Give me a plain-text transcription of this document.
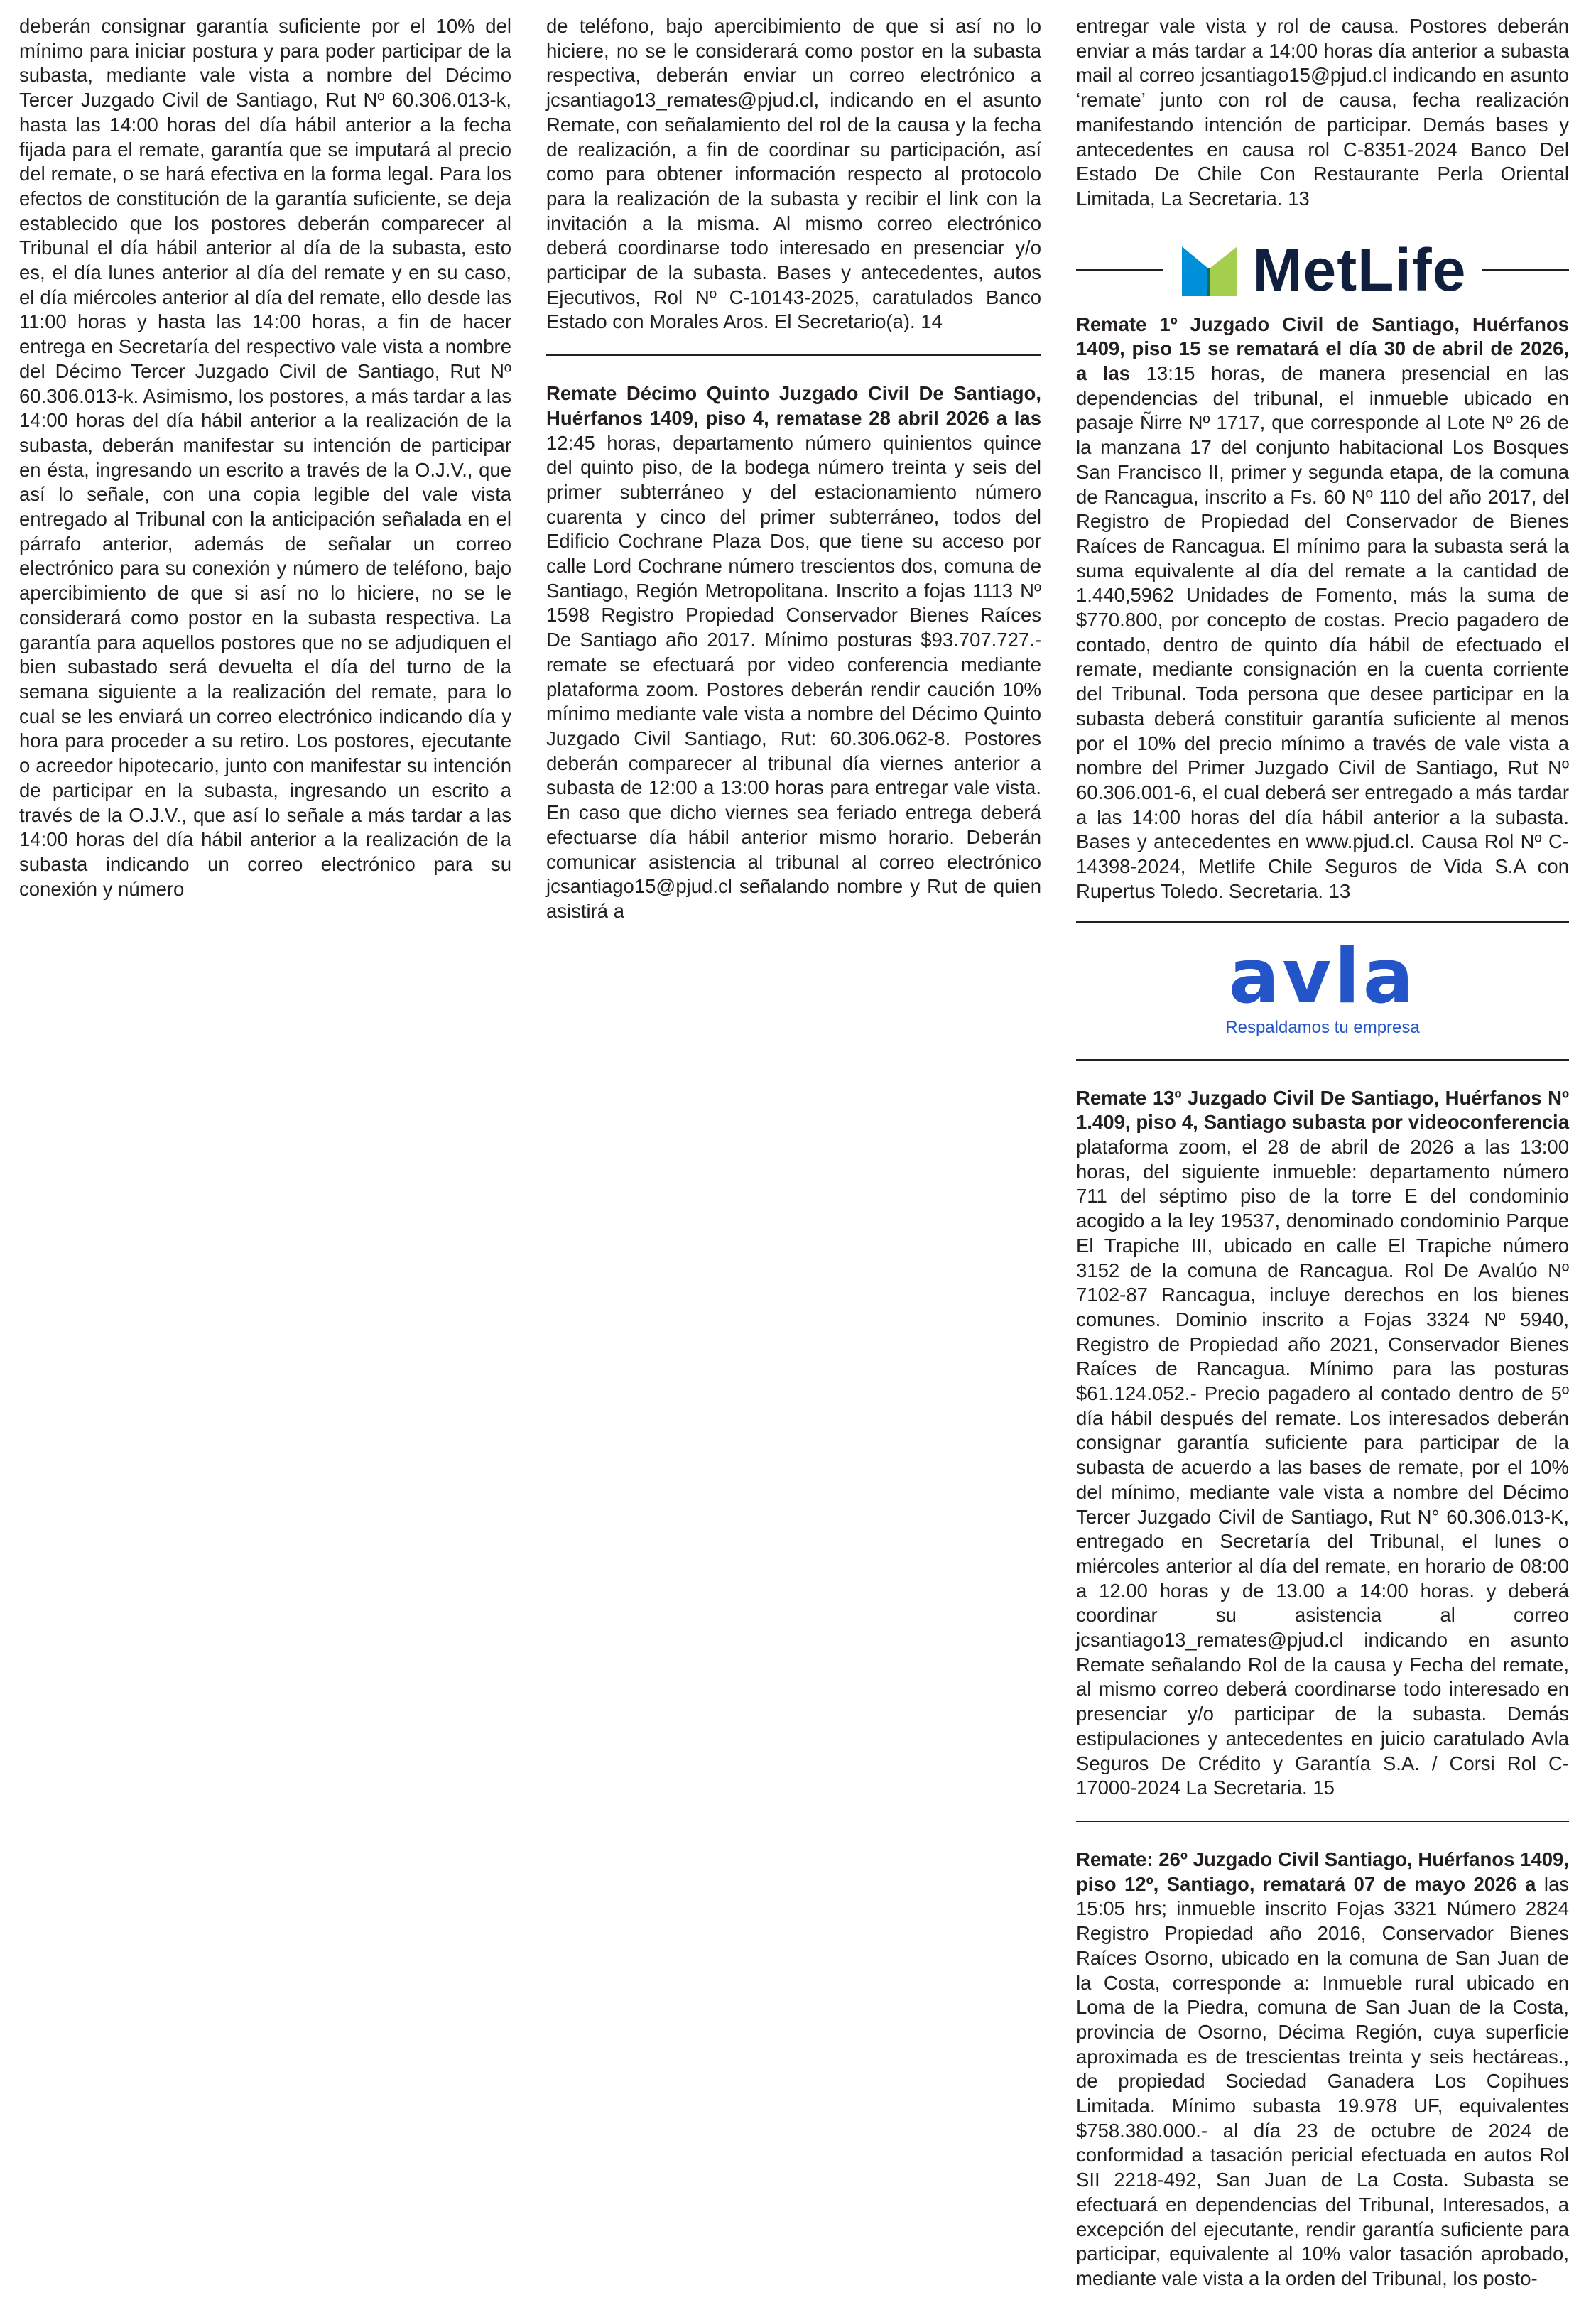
deberán consignar garantía suficiente por el 10% del mínimo para iniciar postura y para poder participar de la subasta, mediante vale vista a nombre del Décimo Tercer Juzgado Civil de Santiago, Rut Nº 60.306.013-k, hasta las 14:00 horas del día hábil anterior a la fecha fijada para el remate, garantía que se imputará al precio del remate, o se hará efectiva en la forma legal. Para los efectos de constitución de la garantía suficiente, se deja establecido que los postores deberán comparecer al Tribunal el día hábil anterior al día de la subasta, esto es, el día lunes anterior al día del remate y en su caso, el día miércoles anterior al día del remate, ello desde las 11:00 horas y hasta las 14:00 horas, a fin de hacer entrega en Secretaría del respectivo vale vista a nombre del Décimo Tercer Juzgado Civil de Santiago, Rut Nº 60.306.013-k. Asimismo, los postores, a más tardar a las 14:00 horas del día hábil anterior a la realización de la subasta, deberán manifestar su intención de participar en ésta, ingresando un escrito a través de la O.J.V., que así lo señale, con una copia legible del vale vista entregado al Tribunal con la anticipación señalada en el párrafo anterior, además de señalar un correo electrónico para su conexión y número de teléfono, bajo apercibimiento de que si así no lo hiciere, no se le considerará como postor en la subasta respectiva. La garantía para aquellos postores que no se adjudiquen el bien subastado será devuelta el día del turno de la semana siguiente a la realización del remate, para lo cual se les enviará un correo electrónico indicando día y hora para proceder a su retiro. Los postores, ejecutante o acreedor hipotecario, junto con manifestar su intención de participar en la subasta, ingresando un escrito a través de la O.J.V., que así lo señale a más tardar a las 14:00 horas del día hábil anterior a la realización de la subasta indicando un correo electrónico para su conexión y número

de teléfono, bajo apercibimiento de que si así no lo hiciere, no se le considerará como postor en la subasta respectiva, deberán enviar un correo electrónico a jcsantiago13_remates@pjud.cl, indicando en el asunto Remate, con señalamiento del rol de la causa y la fecha de realización, a fin de coordinar su participación, así como para obtener información respecto al protocolo para la realización de la subasta y recibir el link con la invitación a la misma. Al mismo correo electrónico deberá coordinarse todo interesado en presenciar y/o participar de la subasta. Bases y antecedentes, autos Ejecutivos, Rol Nº C-10143-2025, caratulados Banco Estado con Morales Aros. El Secretario(a). 14

Remate Décimo Quinto Juzgado Civil De Santiago, Huérfanos 1409, piso 4, rematase 28 abril 2026 a las 12:45 horas, departamento número quinientos quince del quinto piso, de la bodega número treinta y seis del primer subterráneo y del estacionamiento número cuarenta y cinco del primer subterráneo, todos del Edificio Cochrane Plaza Dos, que tiene su acceso por calle Lord Cochrane número trescientos dos, comuna de Santiago, Región Metropolitana. Inscrito a fojas 1113 Nº 1598 Registro Propiedad Conservador Bienes Raíces De Santiago año 2017. Mínimo posturas $93.707.727.- remate se efectuará por video conferencia mediante plataforma zoom. Postores deberán rendir caución 10% mínimo mediante vale vista a nombre del Décimo Quinto Juzgado Civil Santiago, Rut: 60.306.062-8. Postores deberán comparecer al tribunal día viernes anterior a subasta de 12:00 a 13:00 horas para entregar vale vista. En caso que dicho viernes sea feriado entrega deberá efectuarse día hábil anterior mismo horario. Deberán comunicar asistencia al tribunal al correo electrónico jcsantiago15@pjud.cl señalando nombre y Rut de quien asistirá a

entregar vale vista y rol de causa. Postores deberán enviar a más tardar a 14:00 horas día anterior a subasta mail al correo jcsantiago15@pjud.cl indicando en asunto ‘remate’ junto con rol de causa, fecha realización manifestando intención de participar. Demás bases y antecedentes en causa rol C-8351-2024 Banco Del Estado De Chile Con Restaurante Perla Oriental Limitada, La Secretaria. 13

MetLife

Remate 1º Juzgado Civil de Santiago, Huérfanos 1409, piso 15 se rematará el día 30 de abril de 2026, a las 13:15 horas, de manera presencial en las dependencias del tribunal, el inmueble ubicado en pasaje Ñirre Nº 1717, que corresponde al Lote Nº 26 de la manzana 17 del conjunto habitacional Los Bosques San Francisco II, primer y segunda etapa, de la comuna de Rancagua, inscrito a Fs. 60 Nº 110 del año 2017, del Registro de Propiedad del Conservador de Bienes Raíces de Rancagua. El mínimo para la subasta será la suma equivalente al día del remate a la cantidad de 1.440,5962 Unidades de Fomento, más la suma de $770.800, por concepto de costas. Precio pagadero de contado, dentro de quinto día hábil de efectuado el remate, mediante consignación en la cuenta corriente del Tribunal. Toda persona que desee participar en la subasta deberá constituir garantía suficiente al menos por el 10% del precio mínimo a través de vale vista a nombre del Primer Juzgado Civil de Santiago, Rut Nº 60.306.001-6, el cual deberá ser entregado a más tardar a las 14:00 horas del día hábil anterior a la subasta. Bases y antecedentes en www.pjud.cl. Causa Rol Nº C-14398-2024, Metlife Chile Seguros de Vida S.A con Rupertus Toledo. Secretaria. 13

avla
Respaldamos tu empresa

Remate 13º Juzgado Civil De Santiago, Huérfanos Nº 1.409, piso 4, Santiago subasta por videoconferencia plataforma zoom, el 28 de abril de 2026 a las 13:00 horas, del siguiente inmueble: departamento número 711 del séptimo piso de la torre E del condominio acogido a la ley 19537, denominado condominio Parque El Trapiche III, ubicado en calle El Trapiche número 3152 de la comuna de Rancagua. Rol De Avalúo Nº 7102-87 Rancagua, incluye derechos en los bienes comunes. Dominio inscrito a Fojas 3324 Nº 5940, Registro de Propiedad año 2021, Conservador Bienes Raíces de Rancagua. Mínimo para las posturas $61.124.052.- Precio pagadero al contado dentro de 5º día hábil después del remate. Los interesados deberán consignar garantía suficiente para participar de la subasta de acuerdo a las bases de remate, por el 10% del mínimo, mediante vale vista a nombre del Décimo Tercer Juzgado Civil de Santiago, Rut N° 60.306.013-K, entregado en Secretaría del Tribunal, el lunes o miércoles anterior al día del remate, en horario de 08:00 a 12.00 horas y de 13.00 a 14:00 horas. y deberá coordinar su asistencia al correo jcsantiago13_remates@pjud.cl indicando en asunto Remate señalando Rol de la causa y Fecha del remate, al mismo correo deberá coordinarse todo interesado en presenciar y/o participar de la subasta. Demás estipulaciones y antecedentes en juicio caratulado Avla Seguros De Crédito y Garantía S.A. / Corsi Rol C-17000-2024 La Secretaria. 15

Remate: 26º Juzgado Civil Santiago, Huérfanos 1409, piso 12º, Santiago, rematará 07 de mayo 2026 a las 15:05 hrs; inmueble inscrito Fojas 3321 Número 2824 Registro Propiedad año 2016, Conservador Bienes Raíces Osorno, ubicado en la comuna de San Juan de la Costa, corresponde a: Inmueble rural ubicado en Loma de la Piedra, comuna de San Juan de la Costa, provincia de Osorno, Décima Región, cuya superficie aproximada es de trescientas treinta y seis hectáreas., de propiedad Sociedad Ganadera Los Copihues Limitada. Mínimo subasta 19.978 UF, equivalentes $758.380.000.- al día 23 de octubre de 2024 de conformidad a tasación pericial efectuada en autos Rol SII 2218-492, San Juan de La Costa. Subasta se efectuará en dependencias del Tribunal, Interesados, a excepción del ejecutante, rendir garantía suficiente para participar, equivalente al 10% valor tasación aprobado, mediante vale vista a la orden del Tribunal, los posto-
